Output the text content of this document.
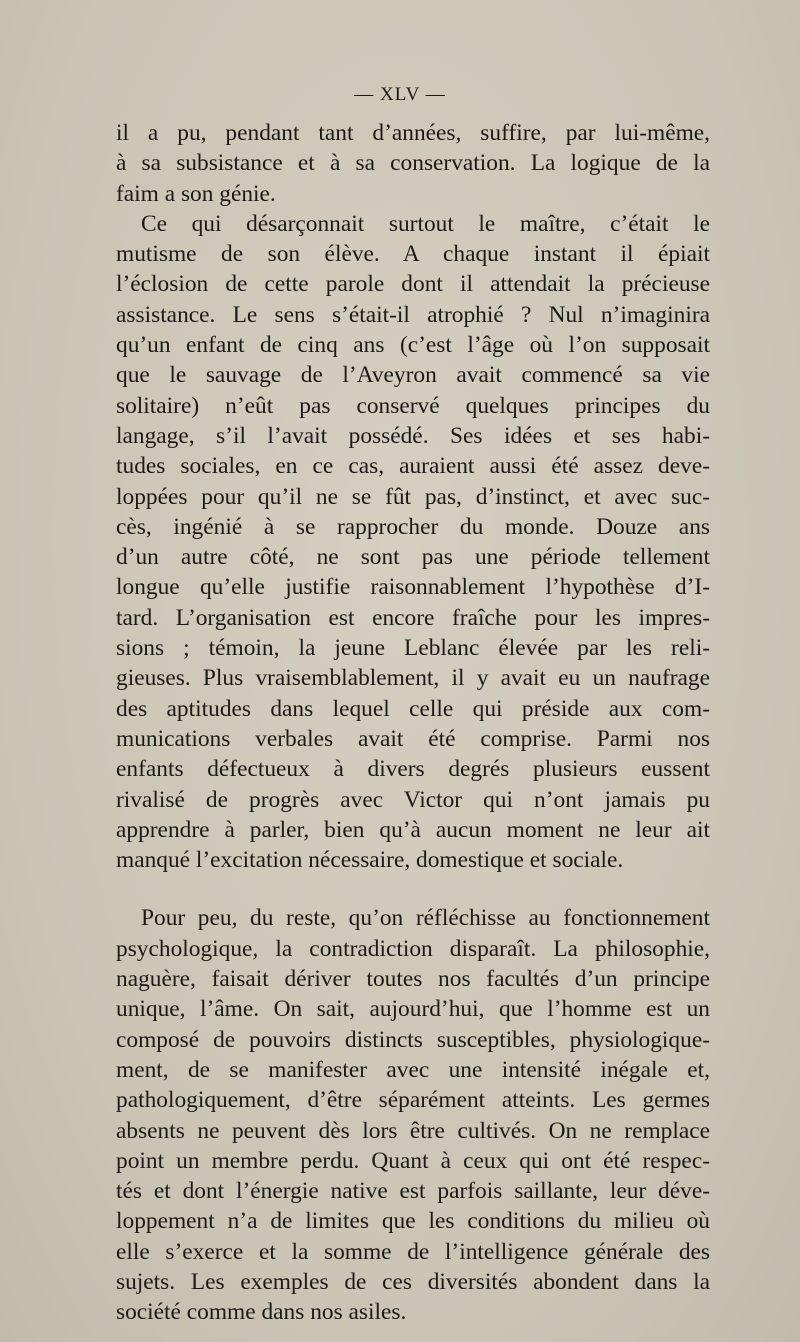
— XLV —

il a pu, pendant tant d’années, suffire, par lui-même,
à sa subsistance et à sa conservation. La logique de la
faim a son génie.

Ce qui désarçonnait surtout le maître, c’était le
mutisme de son élève. A chaque instant il épiait
l’éclosion de cette parole dont il attendait la précieuse
assistance. Le sens s’était-il atrophié ? Nul n’imaginira
qu’un enfant de cinq ans (c’est l’âge où l’on supposait
que le sauvage de l’Aveyron avait commencé sa vie
solitaire) n’eût pas conservé quelques principes du
langage, s’il l’avait possédé. Ses idées et ses habi-
tudes sociales, en ce cas, auraient aussi été assez deve-
loppées pour qu’il ne se fût pas, d’instinct, et avec suc-
cès, ingénié à se rapprocher du monde. Douze ans
d’un autre côté, ne sont pas une période tellement
longue qu’elle justifie raisonnablement l’hypothèse d’I-
tard. L’organisation est encore fraîche pour les impres-
sions ; témoin, la jeune Leblanc élevée par les reli-
gieuses. Plus vraisemblablement, il y avait eu un naufrage
des aptitudes dans lequel celle qui préside aux com-
munications verbales avait été comprise. Parmi nos
enfants défectueux à divers degrés plusieurs eussent
rivalisé de progrès avec Victor qui n’ont jamais pu
apprendre à parler, bien qu’à aucun moment ne leur ait
manqué l’excitation nécessaire, domestique et sociale.

Pour peu, du reste, qu’on réfléchisse au fonctionnement
psychologique, la contradiction disparaît. La philosophie,
naguère, faisait dériver toutes nos facultés d’un principe
unique, l’âme. On sait, aujourd’hui, que l’homme est un
composé de pouvoirs distincts susceptibles, physiologique-
ment, de se manifester avec une intensité inégale et,
pathologiquement, d’être séparément atteints. Les germes
absents ne peuvent dès lors être cultivés. On ne remplace
point un membre perdu. Quant à ceux qui ont été respec-
tés et dont l’énergie native est parfois saillante, leur déve-
loppement n’a de limites que les conditions du milieu où
elle s’exerce et la somme de l’intelligence générale des
sujets. Les exemples de ces diversités abondent dans la
société comme dans nos asiles.
